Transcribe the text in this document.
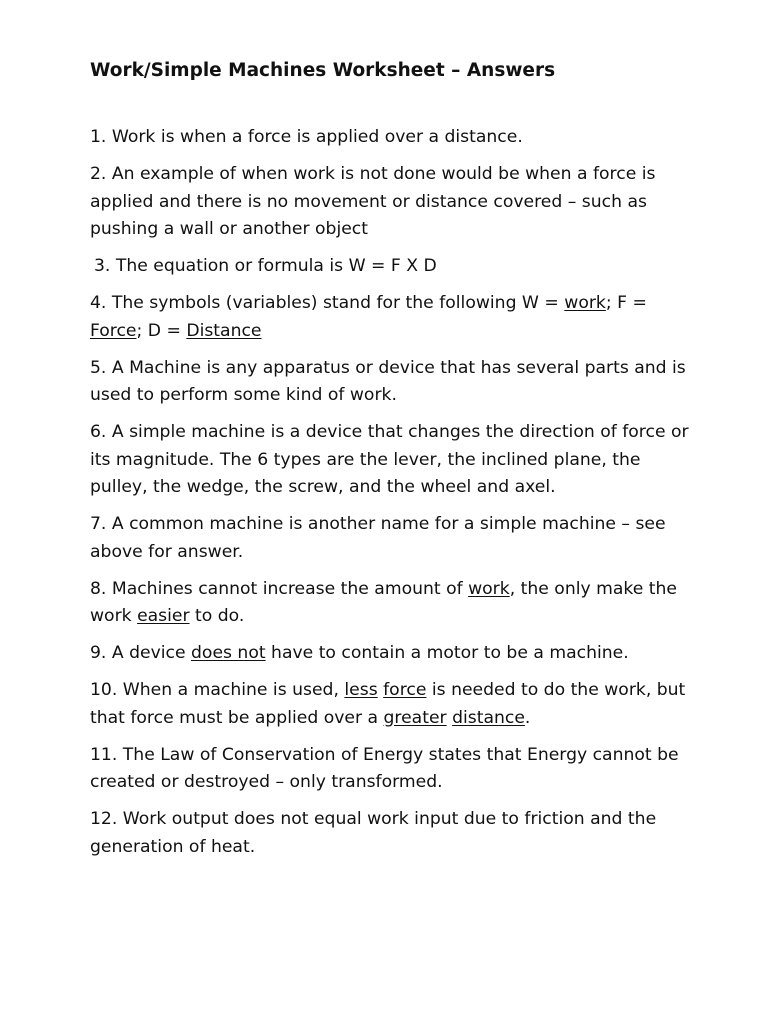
Work/Simple Machines Worksheet – Answers

1. Work is when a force is applied over a distance.

2. An example of when work is not done would be when a force is applied and there is no movement or distance covered – such as pushing a wall or another object

3. The equation or formula is W = F X D

4. The symbols (variables) stand for the following W = work; F = Force; D = Distance

5. A Machine is any apparatus or device that has several parts and is used to perform some kind of work.

6. A simple machine is a device that changes the direction of force or its magnitude. The 6 types are the lever, the inclined plane, the pulley, the wedge, the screw, and the wheel and axel.

7. A common machine is another name for a simple machine – see above for answer.

8. Machines cannot increase the amount of work, the only make the work easier to do.

9. A device does not have to contain a motor to be a machine.

10. When a machine is used, less force is needed to do the work, but that force must be applied over a greater distance.

11. The Law of Conservation of Energy states that Energy cannot be created or destroyed – only transformed.

12. Work output does not equal work input due to friction and the generation of heat.
